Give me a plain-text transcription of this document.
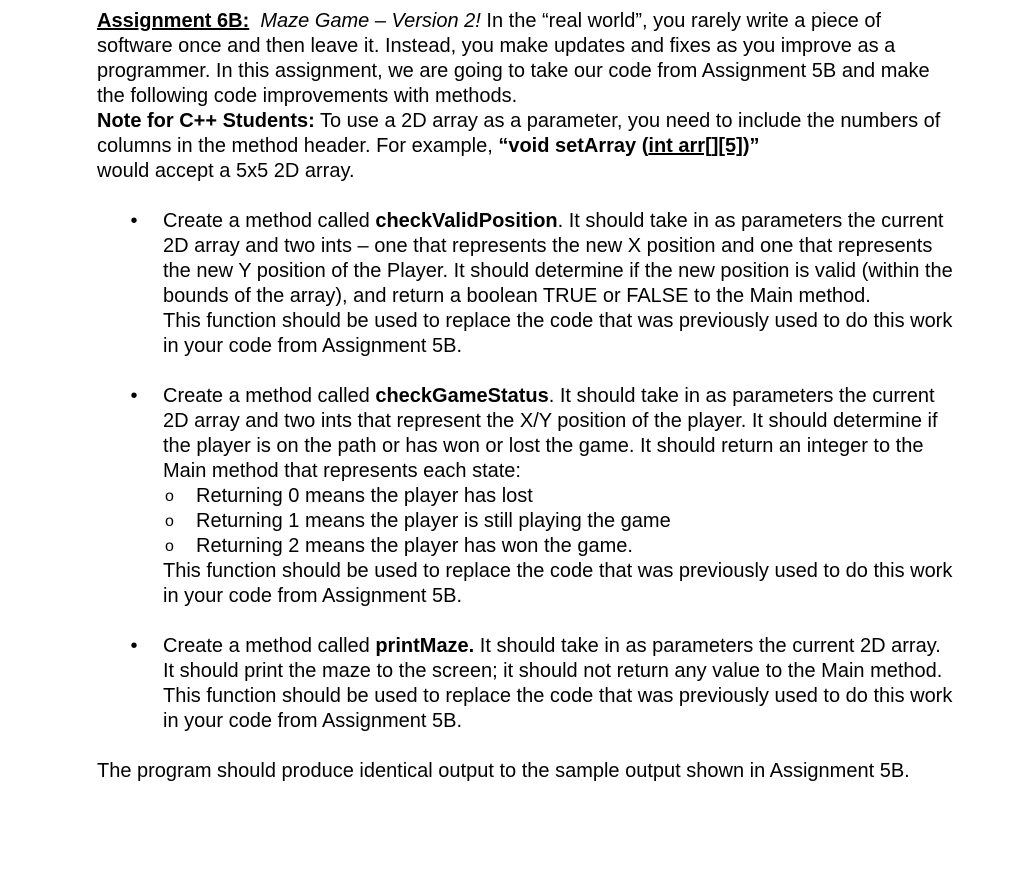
Assignment 6B: Maze Game – Version 2! In the “real world”, you rarely write a piece of software once and then leave it. Instead, you make updates and fixes as you improve as a programmer. In this assignment, we are going to take our code from Assignment 5B and make the following code improvements with methods.

Note for C++ Students: To use a 2D array as a parameter, you need to include the numbers of columns in the method header. For example, “void setArray (int arr[][5])”
would accept a 5x5 2D array.

•	Create a method called checkValidPosition. It should take in as parameters the current 2D array and two ints – one that represents the new X position and one that represents the new Y position of the Player. It should determine if the new position is valid (within the bounds of the array), and return a boolean TRUE or FALSE to the Main method.

This function should be used to replace the code that was previously used to do this work in your code from Assignment 5B.

•	Create a method called checkGameStatus. It should take in as parameters the current 2D array and two ints that represent the X/Y position of the player. It should determine if the player is on the path or has won or lost the game. It should return an integer to the Main method that represents each state:

o Returning 0 means the player has lost
o Returning 1 means the player is still playing the game
o Returning 2 means the player has won the game.

This function should be used to replace the code that was previously used to do this work in your code from Assignment 5B.

•	Create a method called printMaze. It should take in as parameters the current 2D array. It should print the maze to the screen; it should not return any value to the Main method.

This function should be used to replace the code that was previously used to do this work in your code from Assignment 5B.

The program should produce identical output to the sample output shown in Assignment 5B.
